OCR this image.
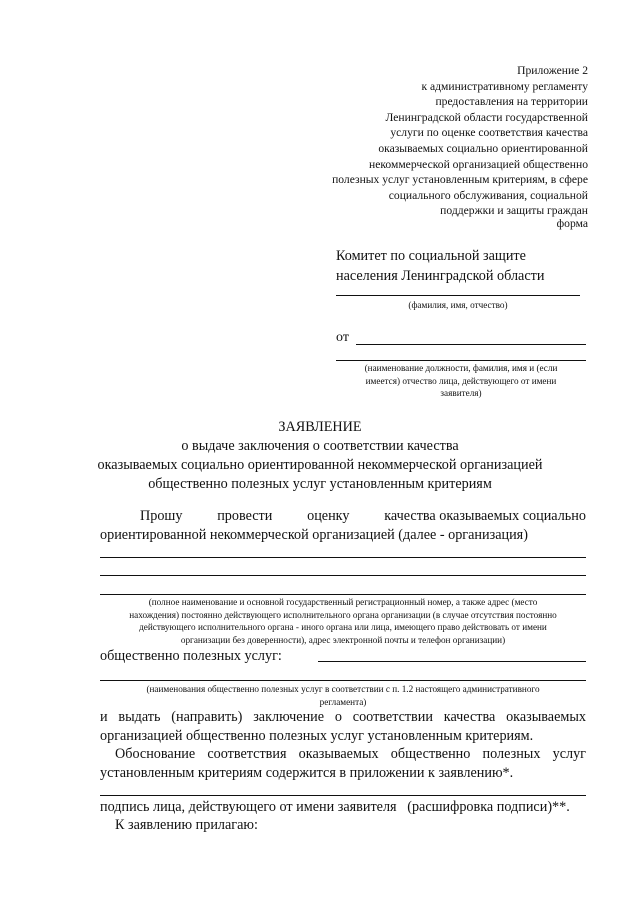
Приложение 2
к административному регламенту
предоставления на территории
Ленинградской области государственной
услуги по оценке соответствия качества
оказываемых социально ориентированной
некоммерческой организацией общественно
полезных услуг установленным критериям, в сфере
социального обслуживания, социальной
поддержки и защиты граждан
форма
Комитет по социальной защите
населения Ленинградской области
(фамилия, имя, отчество)
от
(наименование должности, фамилия, имя и (если
имеется) отчество лица, действующего от имени
заявителя)
ЗАЯВЛЕНИЕ
о выдаче заключения о соответствии качества
оказываемых социально ориентированной некоммерческой организацией
общественно полезных услуг установленным критериям
Прошу провести оценку качества оказываемых социально
ориентированной некоммерческой организацией (далее - организация)
(полное наименование и основной государственный регистрационный номер, а также адрес (место
нахождения) постоянно действующего исполнительного органа организации (в случае отсутствия постоянно
действующего исполнительного органа - иного органа или лица, имеющего право действовать от имени
организации без доверенности), адрес электронной почты и телефон организации)
общественно полезных услуг:
(наименования общественно полезных услуг в соответствии с п. 1.2 настоящего административного
регламента)
и выдать (направить) заключение о соответствии качества оказываемых
организацией общественно полезных услуг установленным критериям.
Обоснование соответствия оказываемых общественно полезных услуг
установленным критериям содержится в приложении к заявлению*.
подпись лица, действующего от имени заявителя (расшифровка подписи)**.
К заявлению прилагаю:
